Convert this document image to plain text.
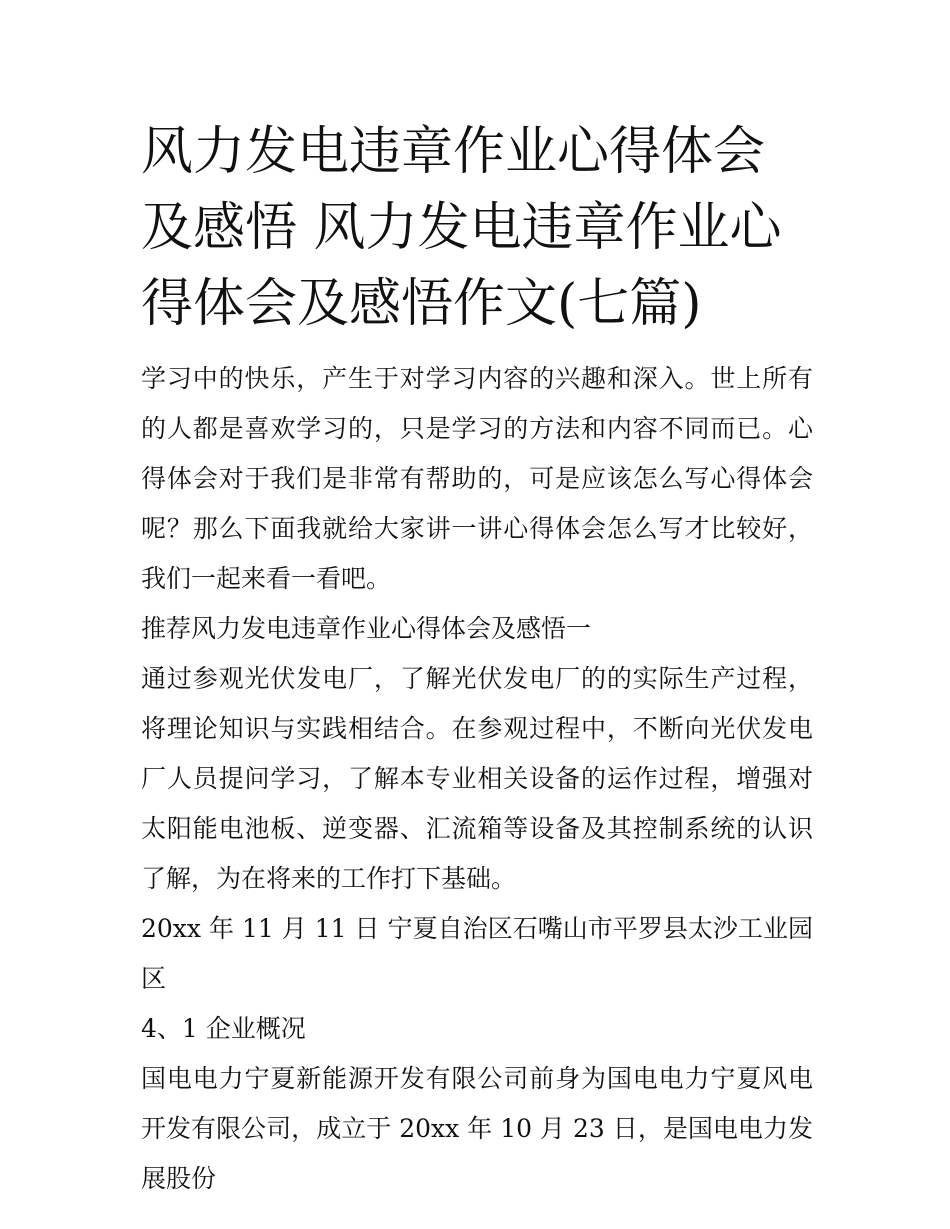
风力发电违章作业心得体会及感悟 风力发电违章作业心得体会及感悟作文(七篇)

学习中的快乐，产生于对学习内容的兴趣和深入。世上所有的人都是喜欢学习的，只是学习的方法和内容不同而已。心得体会对于我们是非常有帮助的，可是应该怎么写心得体会呢？那么下面我就给大家讲一讲心得体会怎么写才比较好，我们一起来看一看吧。

推荐风力发电违章作业心得体会及感悟一

通过参观光伏发电厂，了解光伏发电厂的的实际生产过程，将理论知识与实践相结合。在参观过程中，不断向光伏发电厂人员提问学习，了解本专业相关设备的运作过程，增强对太阳能电池板、逆变器、汇流箱等设备及其控制系统的认识了解，为在将来的工作打下基础。

20xx 年 11 月 11 日 宁夏自治区石嘴山市平罗县太沙工业园区

4、1 企业概况

国电电力宁夏新能源开发有限公司前身为国电电力宁夏风电开发有限公司，成立于 20xx 年 10 月 23 日，是国电电力发展股份
